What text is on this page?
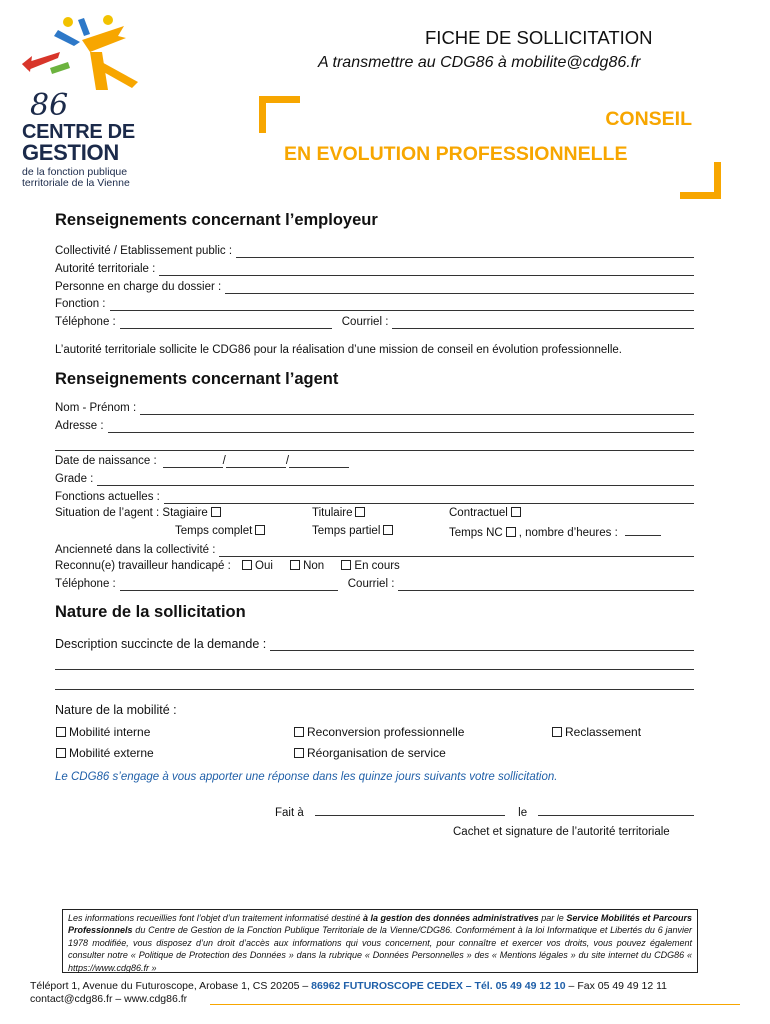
86
CENTRE DE
GESTION
de la fonction publique
territoriale de la Vienne
FICHE DE SOLLICITATION
A transmettre au CDG86 à mobilite@cdg86.fr
CONSEIL
EN EVOLUTION PROFESSIONNELLE
Renseignements concernant l’employeur
Collectivité / Etablissement public :
Autorité territoriale :
Personne en charge du dossier :
Fonction :
Téléphone :	Courriel :
L’autorité territoriale sollicite le CDG86 pour la réalisation d’une mission de conseil en évolution professionnelle.
Renseignements concernant l’agent
Nom - Prénom :
Adresse :
Date de naissance :	/	/
Grade :
Fonctions actuelles :
Situation de l’agent : Stagiaire	Titulaire	Contractuel
Temps complet	Temps partiel	Temps NC , nombre d’heures :
Ancienneté dans la collectivité :
Reconnu(e) travailleur handicapé : Oui	Non	En cours
Téléphone :	Courriel :
Nature de la sollicitation
Description succincte de la demande :
Nature de la mobilité :
Mobilité interne	Reconversion professionnelle	Reclassement
Mobilité externe	Réorganisation de service
Le CDG86 s’engage à vous apporter une réponse dans les quinze jours suivants votre sollicitation.
Fait à	le
Cachet et signature de l’autorité territoriale
Les informations recueillies font l’objet d’un traitement informatisé destiné à la gestion des données administratives par le Service Mobilités et Parcours Professionnels du Centre de Gestion de la Fonction Publique Territoriale de la Vienne/CDG86. Conformément à la loi Informatique et Libertés du 6 janvier 1978 modifiée, vous disposez d’un droit d’accès aux informations qui vous concernent, pour connaître et exercer vos droits, vous pouvez également consulter notre « Politique de Protection des Données » dans la rubrique « Données Personnelles » des « Mentions légales » du site internet du CDG86 « https://www.cdg86.fr »
Téléport 1, Avenue du Futuroscope, Arobase 1, CS 20205 – 86962 FUTUROSCOPE CEDEX – Tél. 05 49 49 12 10 – Fax 05 49 49 12 11
contact@cdg86.fr – www.cdg86.fr
